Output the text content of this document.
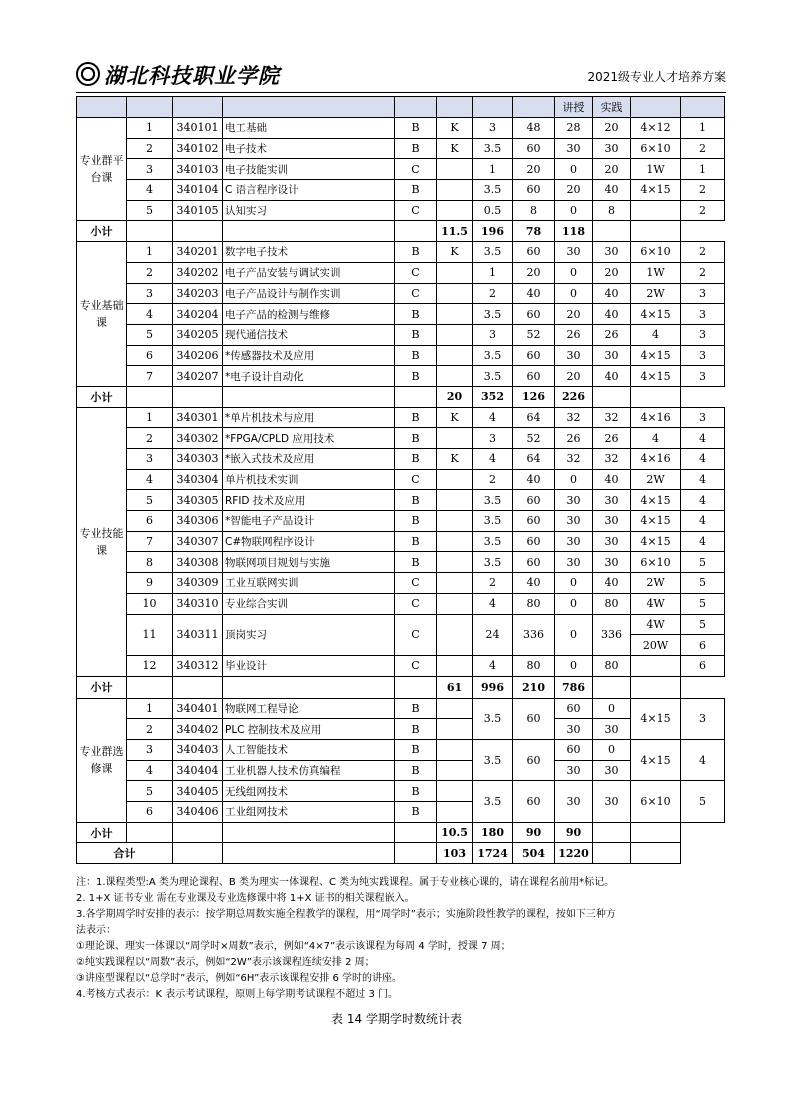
湖北科技职业学院	2021级专业人才培养方案
								讲授	实践		
专业群平台课	1	340101	电工基础	B	K	3	48	28	20	4×12	1
	2	340102	电子技术	B	K	3.5	60	30	30	6×10	2
	3	340103	电子技能实训	C		1	20	0	20	1W	1
	4	340104	C 语言程序设计	B		3.5	60	20	40	4×15	2
	5	340105	认知实习	C		0.5	8	0	8		2
小计					11.5	196	78	118			
专业基础课	1	340201	数字电子技术	B	K	3.5	60	30	30	6×10	2
	2	340202	电子产品安装与调试实训	C		1	20	0	20	1W	2
	3	340203	电子产品设计与制作实训	C		2	40	0	40	2W	3
	4	340204	电子产品的检测与维修	B		3.5	60	20	40	4×15	3
	5	340205	现代通信技术	B		3	52	26	26	4	3
	6	340206	*传感器技术及应用	B		3.5	60	30	30	4×15	3
	7	340207	*电子设计自动化	B		3.5	60	20	40	4×15	3
小计					20	352	126	226			
专业技能课	1	340301	*单片机技术与应用	B	K	4	64	32	32	4×16	3
	2	340302	*FPGA/CPLD 应用技术	B		3	52	26	26	4	4
	3	340303	*嵌入式技术及应用	B	K	4	64	32	32	4×16	4
	4	340304	单片机技术实训	C		2	40	0	40	2W	4
	5	340305	RFID 技术及应用	B		3.5	60	30	30	4×15	4
	6	340306	*智能电子产品设计	B		3.5	60	30	30	4×15	4
	7	340307	C#物联网程序设计	B		3.5	60	30	30	4×15	4
	8	340308	物联网项目规划与实施	B		3.5	60	30	30	6×10	5
	9	340309	工业互联网实训	C		2	40	0	40	2W	5
	10	340310	专业综合实训	C		4	80	0	80	4W	5
	11	340311	顶岗实习	C		24	336	0	336	4W	5
										20W	6
	12	340312	毕业设计	C		4	80	0	80		6
小计					61	996	210	786			
专业群选修课	1	340401	物联网工程导论	B		3.5	60	60	0	4×15	3
	2	340402	PLC 控制技术及应用	B				30	30		
	3	340403	人工智能技术	B		3.5	60	60	0	4×15	4
	4	340404	工业机器人技术仿真编程	B				30	30		
	5	340405	无线组网技术	B		3.5	60	30	30	6×10	5
	6	340406	工业组网技术	B							
小计					10.5	180	90	90			
合计					103	1724	504	1220			

注：1.课程类型:A 类为理论课程、B 类为理实一体课程、C 类为纯实践课程。属于专业核心课的，请在课程名前用*标记。

2. 1+X 证书专业 需在专业课及专业选修课中将 1+X 证书的相关课程嵌入。

3.各学期周学时安排的表示：按学期总周数实施全程教学的课程，用“周学时”表示；实施阶段性教学的课程，按如下三种方

法表示：

①理论课、理实一体课以“周学时×周数”表示，例如“4×7”表示该课程为每周 4 学时，授课 7 周；

②纯实践课程以“周数”表示，例如“2W”表示该课程连续安排 2 周；

③讲座型课程以“总学时”表示，例如“6H”表示该课程安排 6 学时的讲座。

4.考核方式表示：K 表示考试课程，原则上每学期考试课程不超过 3 门。

表 14 学期学时数统计表
